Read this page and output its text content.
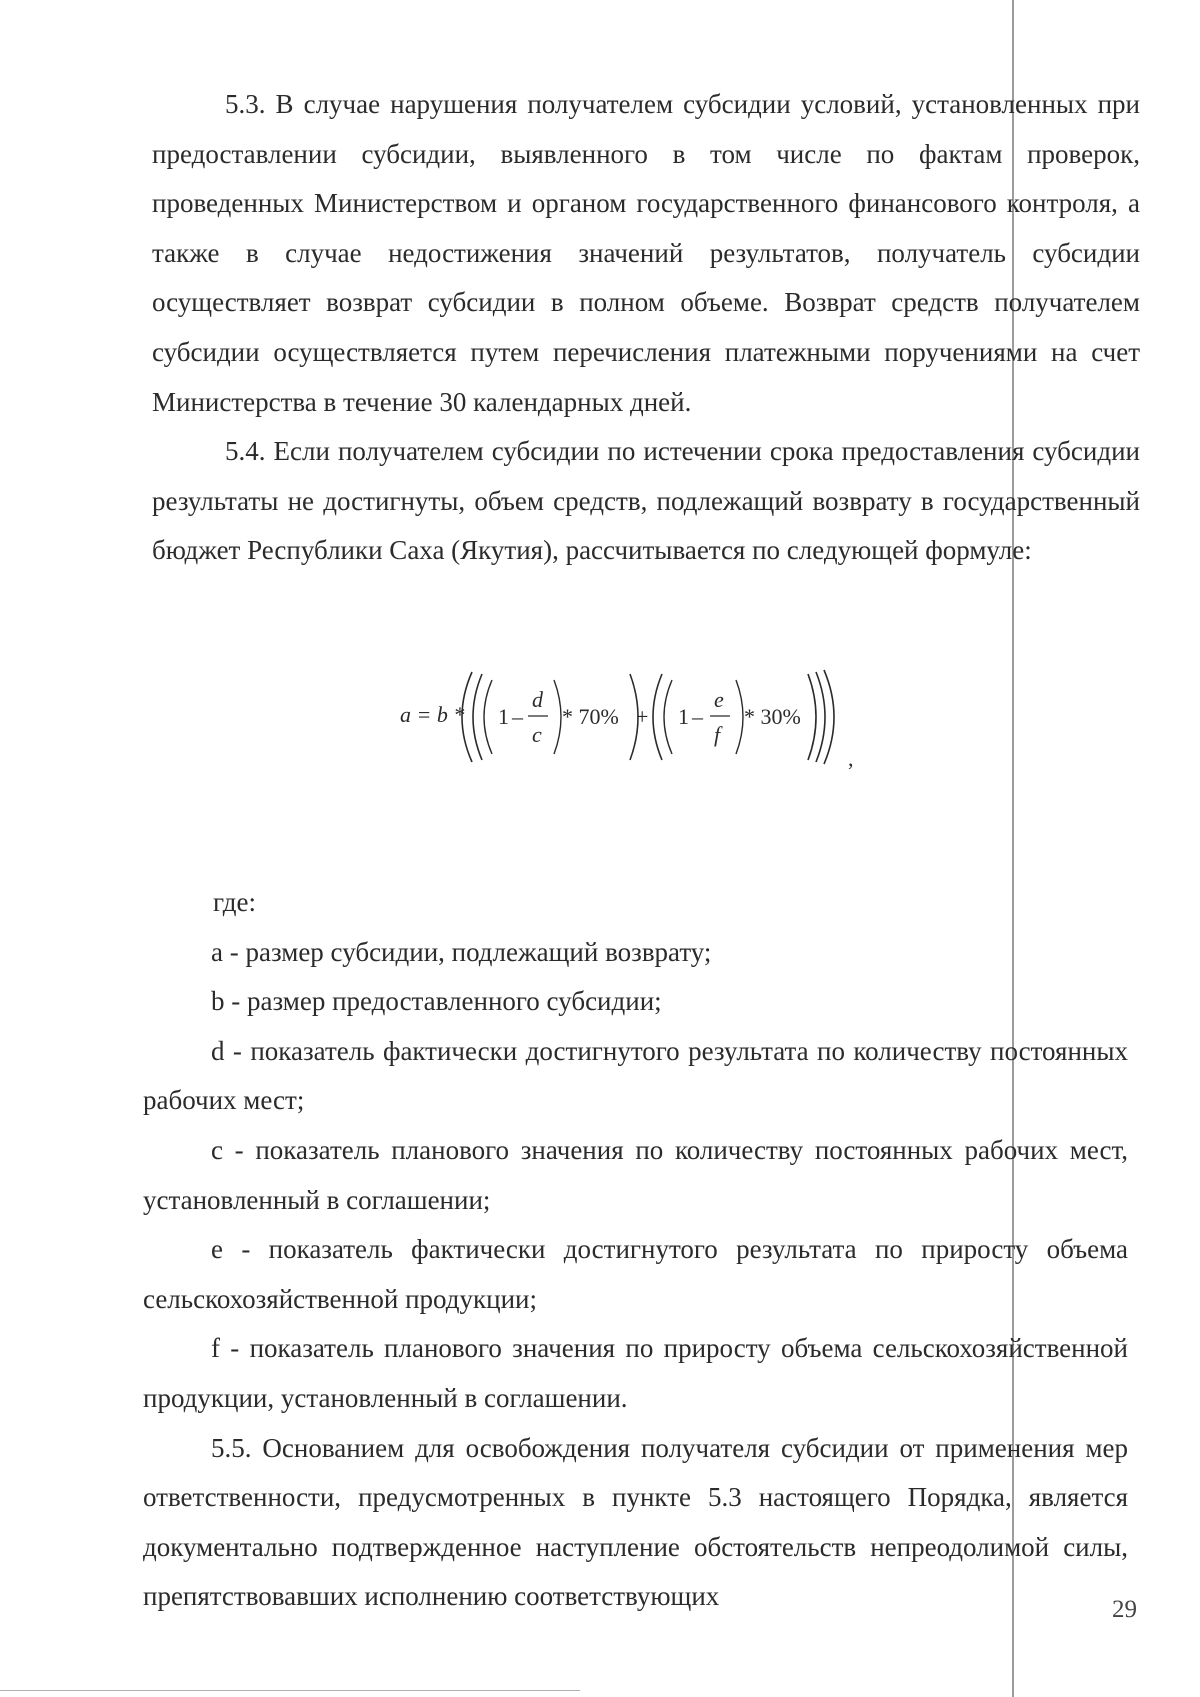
5.3. В случае нарушения получателем субсидии условий, установленных при предоставлении субсидии, выявленного в том числе по фактам проверок, проведенных Министерством и органом государственного финансового контроля, а также в случае недостижения значений результатов, получатель субсидии осуществляет возврат субсидии в полном объеме. Возврат средств получателем субсидии осуществляется путем перечисления платежными поручениями на счет Министерства в течение 30 календарных дней.

5.4. Если получателем субсидии по истечении срока предоставления субсидии результаты не достигнуты, объем средств, подлежащий возврату в государственный бюджет Республики Саха (Якутия), рассчитывается по следующей формуле:

a = b * 1 –
d
c
* 70% + 1 –
e
f
* 30%
,

где:

а - размер субсидии, подлежащий возврату;

b - размер предоставленного субсидии;

d - показатель фактически достигнутого результата по количеству постоянных рабочих мест;

с - показатель планового значения по количеству постоянных рабочих мест, установленный в соглашении;

е - показатель фактически достигнутого результата по приросту объема сельскохозяйственной продукции;

f - показатель планового значения по приросту объема сельскохозяйственной продукции, установленный в соглашении.

5.5. Основанием для освобождения получателя субсидии от применения мер ответственности, предусмотренных в пункте 5.3 настоящего Порядка, является документально подтвержденное наступление обстоятельств непреодолимой силы, препятствовавших исполнению соответствующих	29
